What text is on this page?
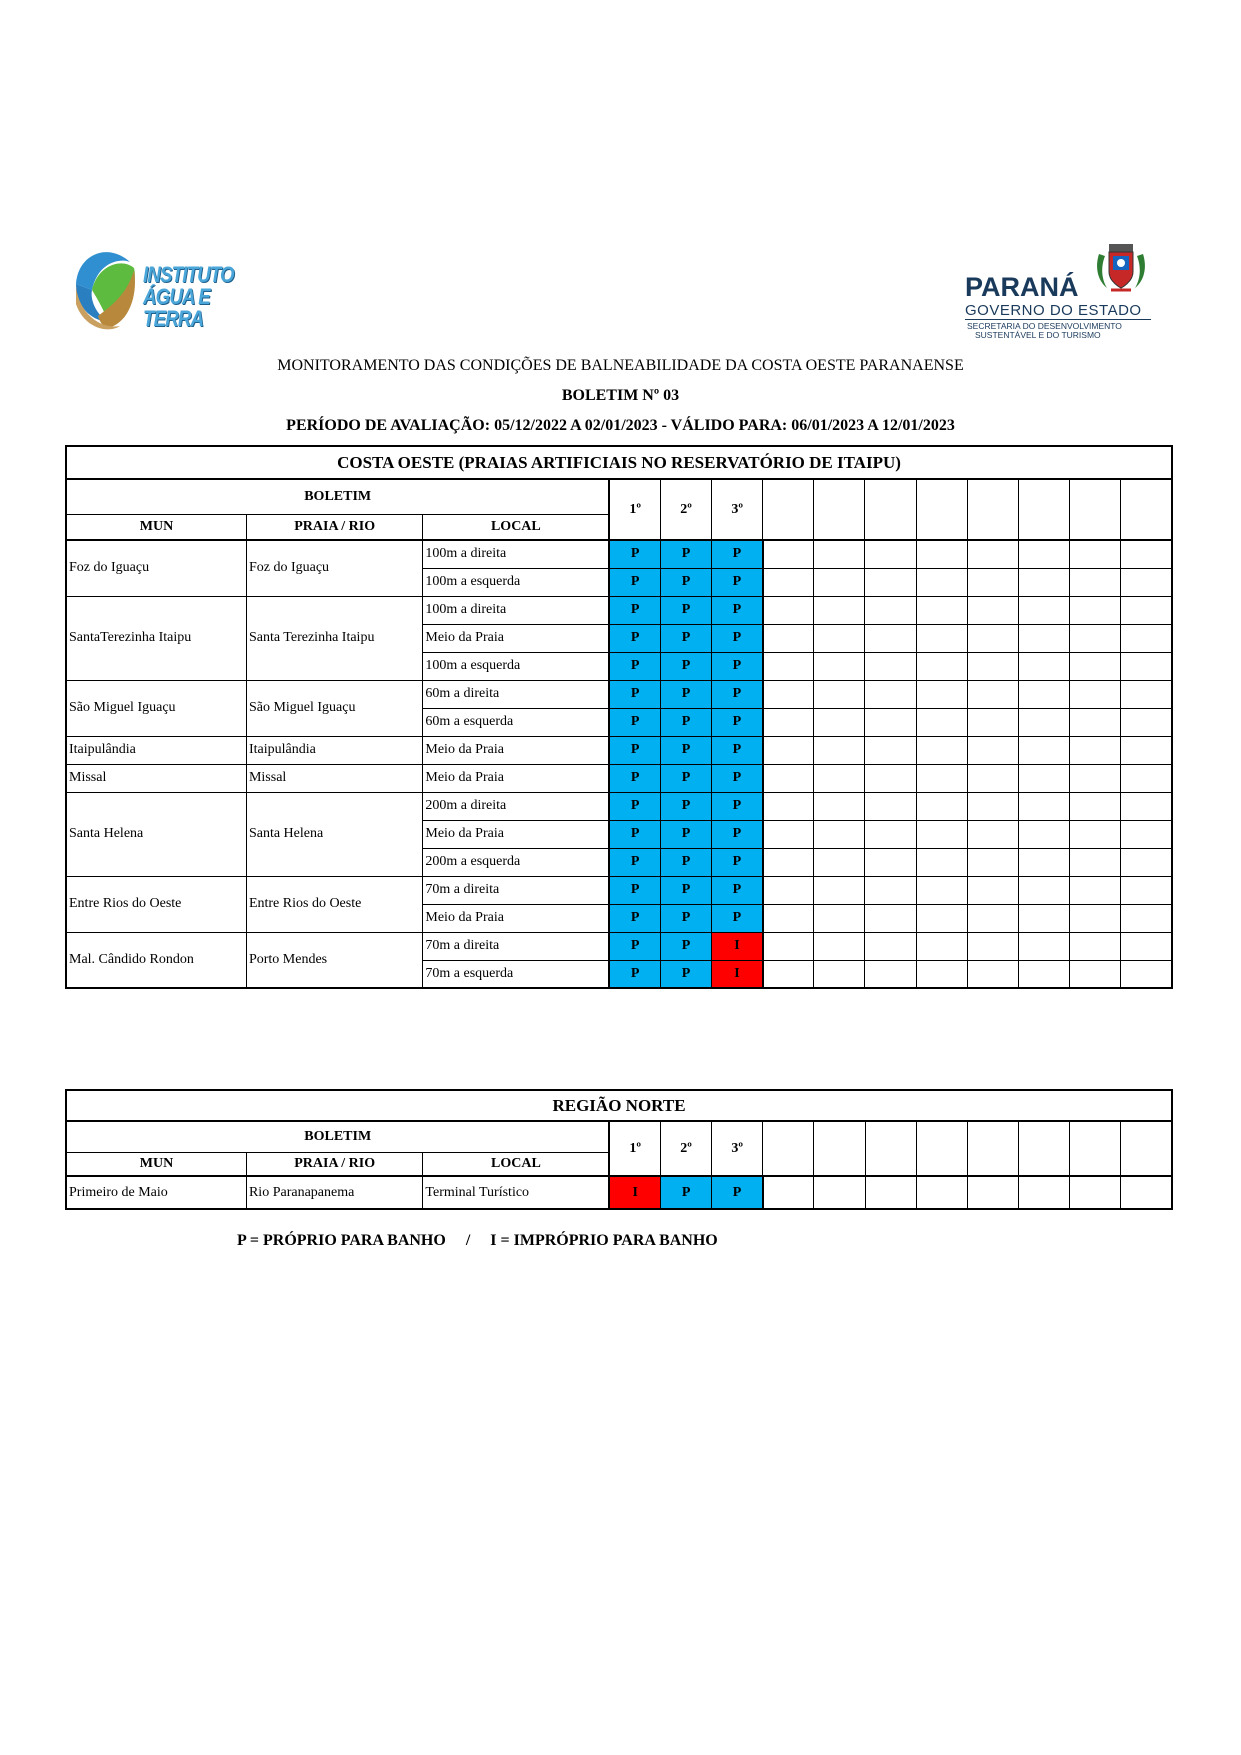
INSTITUTO
ÁGUA E TERRA
PARANÁ
GOVERNO DO ESTADO
SECRETARIA DO DESENVOLVIMENTO
SUSTENTÁVEL E DO TURISMO
MONITORAMENTO DAS CONDIÇÕES DE BALNEABILIDADE DA COSTA OESTE PARANAENSE
BOLETIM Nº 03
PERÍODO DE AVALIAÇÃO: 05/12/2022 A 02/01/2023 - VÁLIDO PARA: 06/01/2023 A 12/01/2023
COSTA OESTE (PRAIAS ARTIFICIAIS NO RESERVATÓRIO DE ITAIPU)													
BOLETIM			1º	2º	3º								
MUN	PRAIA / RIO	LOCAL											
Foz do Iguaçu	Foz do Iguaçu	100m a direita	P	P	P								
		100m a esquerda	P	P	P								
SantaTerezinha Itaipu	Santa Terezinha Itaipu	100m a direita	P	P	P								
		Meio da Praia	P	P	P								
		100m a esquerda	P	P	P								
São Miguel Iguaçu	São Miguel Iguaçu	60m a direita	P	P	P								
		60m a esquerda	P	P	P								
Itaipulândia	Itaipulândia	Meio da Praia	P	P	P								
Missal	Missal	Meio da Praia	P	P	P								
Santa Helena	Santa Helena	200m a direita	P	P	P								
		Meio da Praia	P	P	P								
		200m a esquerda	P	P	P								
Entre Rios do Oeste	Entre Rios do Oeste	70m a direita	P	P	P								
		Meio da Praia	P	P	P								
Mal. Cândido Rondon	Porto Mendes	70m a direita	P	P	I								
		70m a esquerda	P	P	I								
REGIÃO NORTE													
BOLETIM			1º	2º	3º								
MUN	PRAIA / RIO	LOCAL											
Primeiro de Maio	Rio Paranapanema	Terminal Turístico	I	P	P								
P = PRÓPRIO PARA BANHO     /     I = IMPRÓPRIO PARA BANHO
